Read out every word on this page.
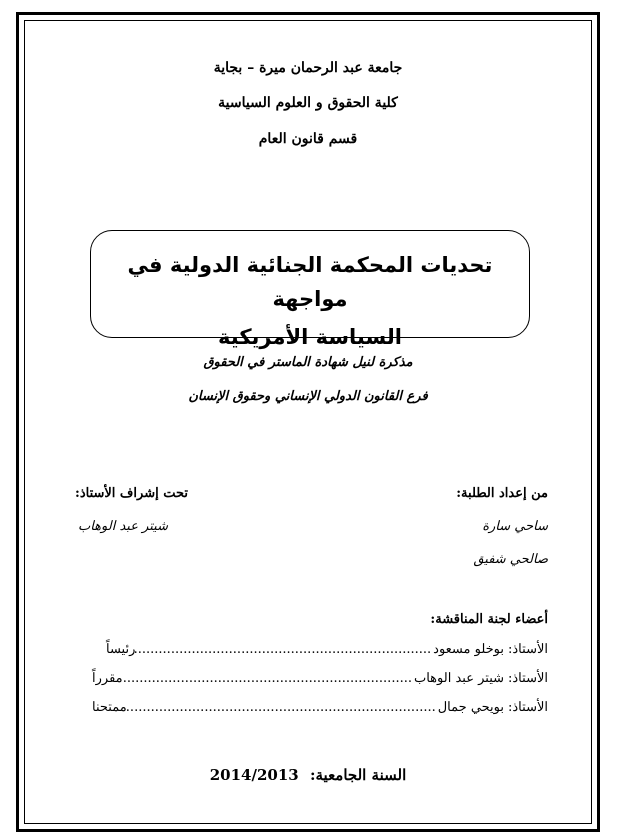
جامعة عبد الرحمان ميرة – بجاية
كلية الحقوق و العلوم السياسية
قسم قانون العام
تحديات المحكمة الجنائية الدولية في مواجهة
السياسة الأمريكية
مذكرة لنيل شهادة الماستر في الحقوق
فرع القانون الدولي الإنساني وحقوق الإنسان
من إعداد الطلبة:
تحت إشراف الأستاذ:
ساحي سارة
شيتر عبد الوهاب
صالحي شفيق
أعضاء لجنة المناقشة:
الأستاذ:
بوخلو مسعود
.....
رئيساً
الأستاذ:
شيتر عبد الوهاب
.....
مقرراً
الأستاذ:
بويحي جمال
.....
ممتحنا
السنة الجامعية: 2014/2013
